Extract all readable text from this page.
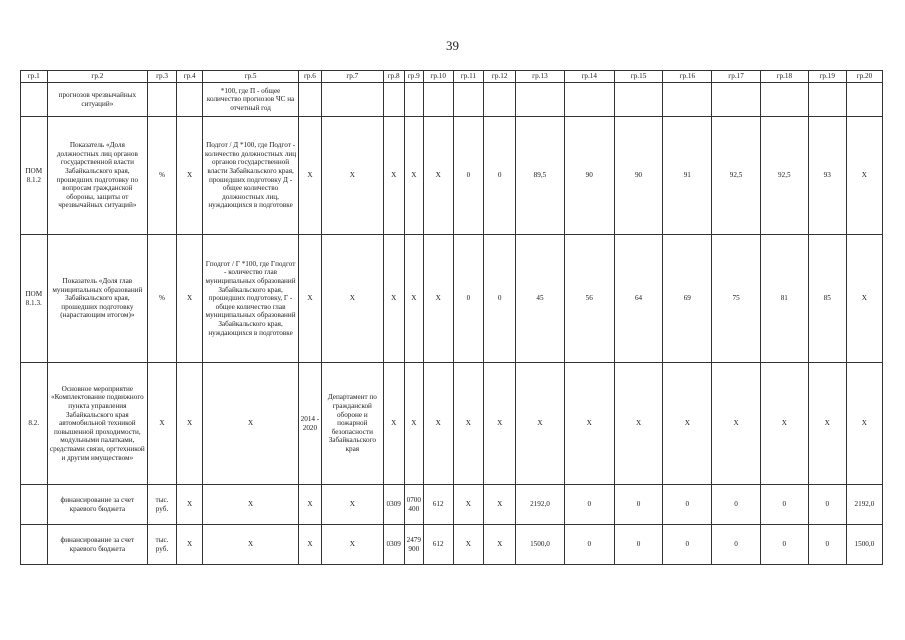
39
гр.1	гр.2	гр.3	гр.4	гр.5	гр.6	гр.7	гр.8	гр.9	гр.10	гр.11	гр.12	гр.13	гр.14	гр.15	гр.16	гр.17	гр.18	гр.19	гр.20
	прогнозов чрезвычайных ситуаций»			*100, где П - общее количество прогнозов ЧС на отчетный год															
ПОМ 8.1.2	Показатель «Доля должностных лиц органов государственной власти Забайкальского края, прошедших подготовку по вопросам гражданской обороны, защиты от чрезвычайных ситуаций»	%	X	Подгот / Д *100, где Подгот - количество должностных лиц органов государственной власти Забайкальского края, прошедших подготовку Д - общее количество должностных лиц, нуждающихся в подготовке	X	X	X	X	X	0	0	89,5	90	90	91	92,5	92,5	93	X
ПОМ 8.1.3.	Показатель «Доля глав муниципальных образований Забайкальского края, прошедших подготовку (нарастающим итогом)»	%	X	Гподгот / Г *100, где Гподгот - количество глав муниципальных образований Забайкальского края, прошедших подготовку, Г - общее количество глав муниципальных образований Забайкальского края, нуждающихся в подготовке	X	X	X	X	X	0	0	45	56	64	69	75	81	85	X
8.2.	Основное мероприятие «Комплектование подвижного пункта управления Забайкальского края автомобильной техникой повышенной проходимости, модульными палатками, средствами связи, оргтехникой и другим имуществом»	X	X	X	2014 - 2020	Департамент по гражданской обороне и пожарной безопасности Забайкальского края	X	X	X	X	X	X	X	X	X	X	X	X	X
	финансирование за счет краевого бюджета	тыс. руб.	X	X	X	X	0309	0700400	612	X	X	2192,0	0	0	0	0	0	0	2192,0
	финансирование за счет краевого бюджета	тыс. руб.	X	X	X	X	0309	2479900	612	X	X	1500,0	0	0	0	0	0	0	1500,0
